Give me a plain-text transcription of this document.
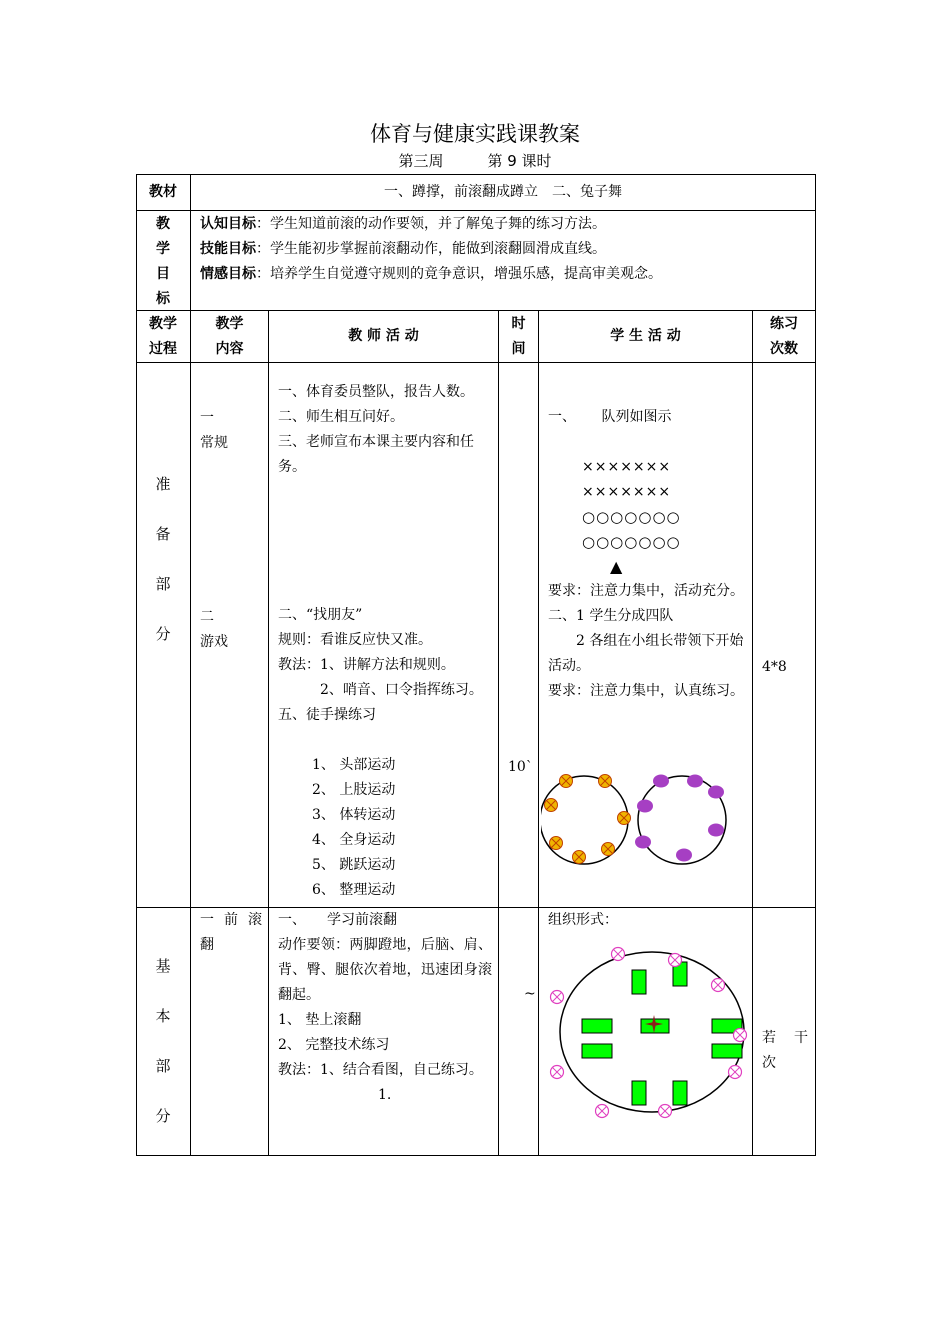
体育与健康实践课教案
第三周	第 9 课时
教材	一、蹲撑，前滚翻成蹲立　二、兔子舞
教
学
目
标
认知目标：学生知道前滚的动作要领，并了解兔子舞的练习方法。
技能目标：学生能初步掌握前滚翻动作，能做到滚翻圆滑成直线。
情感目标：培养学生自觉遵守规则的竟争意识，增强乐感，提高审美观念。
教学
过程
教学
内容
教 师 活 动
时
间
学 生 活 动
练习
次数
准
备
部
分
一
常规
二
游戏
一、体育委员整队，报告人数。
二、师生相互问好。
三、老师宣布本课主要内容和任务。
二、“找朋友”
规则：看谁反应快又准。
教法：1、讲解方法和规则。
　　　2、哨音、口令指挥练习。
五、徒手操练习
1、 头部运动
2、 上肢运动
3、 体转运动
4、 全身运动
5、 跳跃运动
6、 整理运动
10`
一、　　 队列如图示
×××××××
×××××××
○○○○○○○
○○○○○○○
▲
要求：注意力集中，活动充分。
二、1 学生分成四队
　　2 各组在小组长带领下开始活动。
要求：注意力集中，认真练习。
4*8
基
本
部
分
一 前 滚翻
一、　　学习前滚翻
动作要领：两脚蹬地，后脑、肩、背、臀、腿依次着地，迅速团身滚翻起。
1、 垫上滚翻
2、 完整技术练习
教法：1、结合看图，自己练习。
1.
~
组织形式：
若　干次
